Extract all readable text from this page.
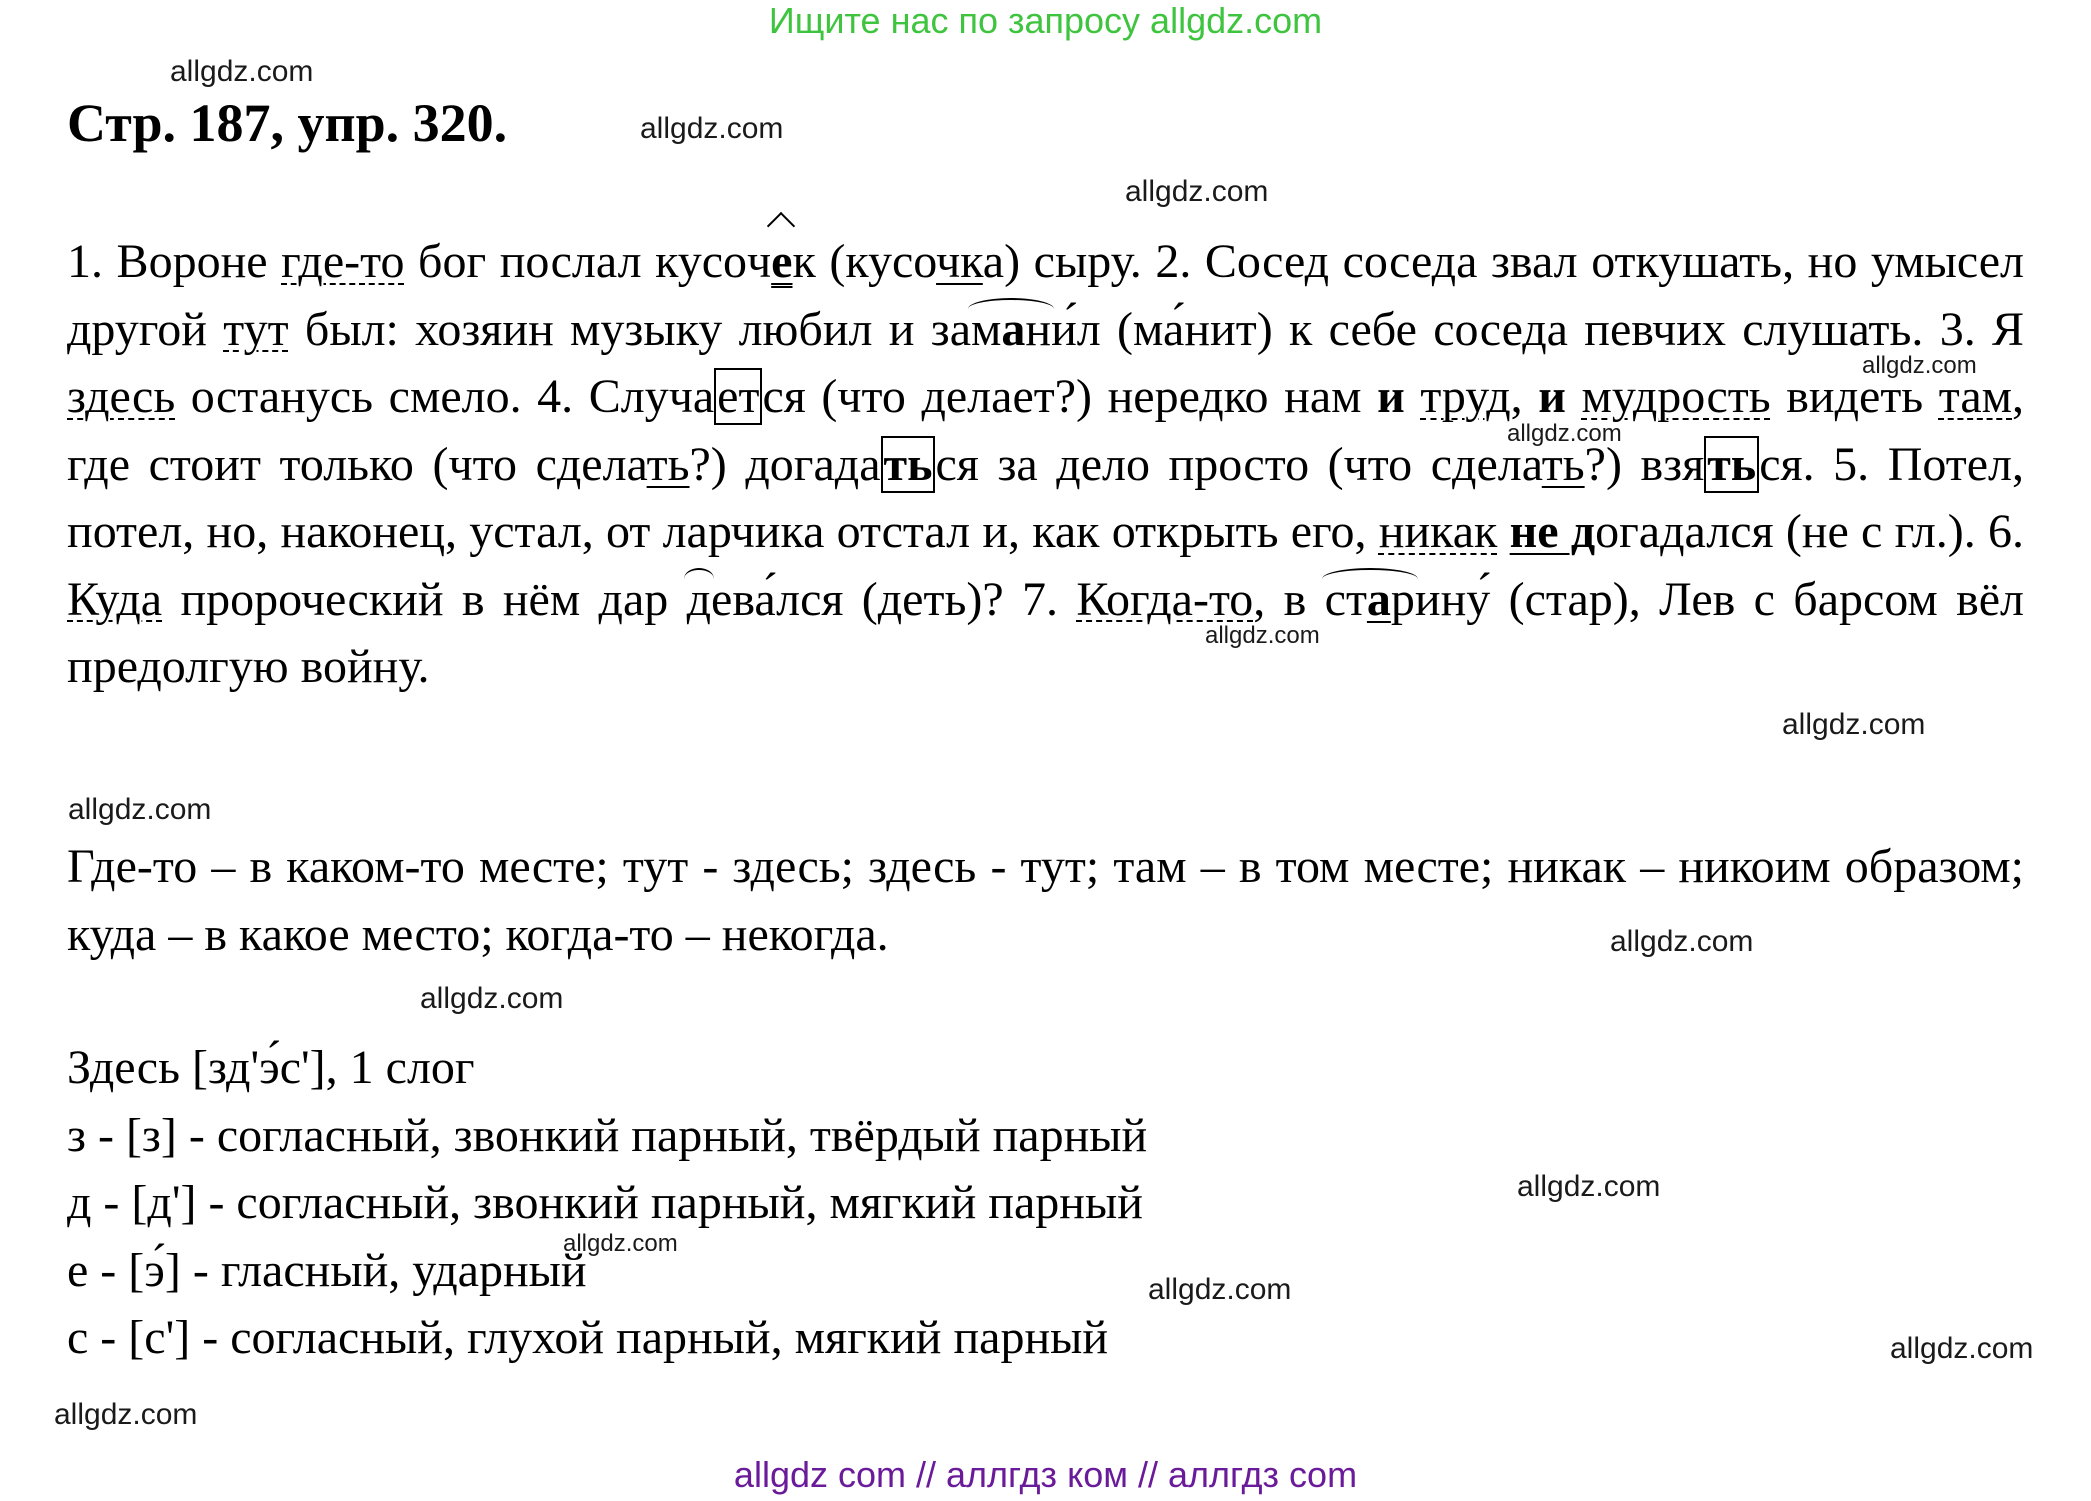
Ищите нас по запросу allgdz.com
Стр. 187, упр. 320.
1. Вороне где-то бог послал кусочек (кусочка) сыру. 2. Сосед соседа звал откушать, но умысел другой тут был: хозяин музыку любил и замани́л (ма́нит) к себе соседа певчих слушать. 3. Я здесь останусь смело. 4. Случается (что делает?) нередко нам и труд, и мудрость видеть там, где стоит только (что сделать?) догадаться за дело просто (что сделать?) взяться. 5. Потел, потел, но, наконец, устал, от ларчика отстал и, как открыть его, никак не догадался (не с гл.). 6. Куда пророческий в нём дар дева́лся (деть)? 7. Когда-то, в старину́ (стар), Лев с барсом вёл предолгую войну.
Где-то – в каком-то месте; тут - здесь; здесь - тут; там – в том месте; никак – никоим образом; куда – в какое место; когда-то – некогда.
Здесь [зд'э́с'], 1 слог
з - [з] - согласный, звонкий парный, твёрдый парный
д - [д'] - согласный, звонкий парный, мягкий парный
е - [э́] - гласный, ударный
с - [с'] - согласный, глухой парный, мягкий парный
allgdz.com
allgdz.com
allgdz.com
allgdz.com
allgdz.com
allgdz.com
allgdz.com
allgdz.com
allgdz.com
allgdz.com
allgdz.com
allgdz.com
allgdz.com
allgdz.com
allgdz.com
allgdz com // аллгдз ком // аллгдз com
